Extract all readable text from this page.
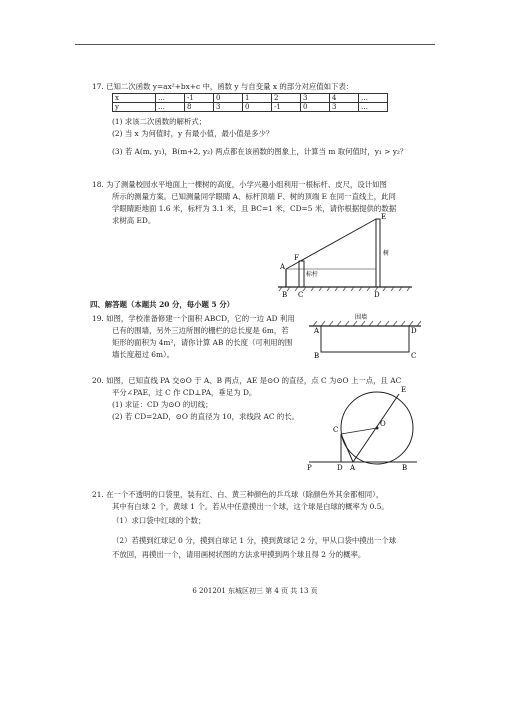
17. 已知二次函数 y=ax²+bx+c 中，函数 y 与自变量 x 的部分对应值如下表：
x	…	-1	0	1	2	3	4	…
y	…	8	3	0	-1	0	3	…
(1) 求该二次函数的解析式；
(2) 当 x 为何值时，y 有最小值，最小值是多少？
(3) 若 A(m, y₁)，B(m+2, y₂) 两点都在该函数的图象上，计算当 m 取何值时，y₁ > y₂？
18. 为了测量校园水平地面上一棵树的高度，小学兴趣小组利用一根标杆、皮尺，设计如图
所示的测量方案。已知测量同学眼睛 A、标杆顶端 F、树的顶端 E 在同一直线上，此同
学眼睛距地面 1.6 米，标杆为 3.1 米，且 BC=1 米，CD=5 米，请你根据提供的数据
求树高 ED。
A
B C	D
E
F
标杆
树
四、解答题（本题共 20 分，每小题 5 分）
19. 如图，学校准备修建一个面积 ABCD，它的一边 AD 利用
已有的围墙，另外三边所围的栅栏的总长度是 6m，若
矩形的面积为 4m²，请你计算 AB 的长度（可利用的围
墙长度超过 6m）。
围墙
A
B	C
D
20. 如图，已知直线 PA 交⊙O 于 A、B 两点，AE 是⊙O 的直径，点 C 为⊙O 上一点，且 AC
平分∠PAE，过 C 作 CD⊥PA，垂足为 D。
(1) 求证：CD 为⊙O 的切线；
(2) 若 CD=2AD，⊙O 的直径为 10，求线段 AC 的长。
P	D A	B
C
O
E
21. 在一个不透明的口袋里，装有红、白、黄三种颜色的乒乓球（除颜色外其余都相同），
其中有白球 2 个，黄球 1 个。若从中任意摸出一个球，这个球是白球的概率为 0.5。
（1）求口袋中红球的个数；
（2）若摸到红球记 0 分，摸到白球记 1 分，摸到黄球记 2 分，甲从口袋中摸出一个球
不放回，再摸出一个，请用画树状图的方法求甲摸到两个球且得 2 分的概率。
6 201201 东城区初三 第 4 页 共 13 页
